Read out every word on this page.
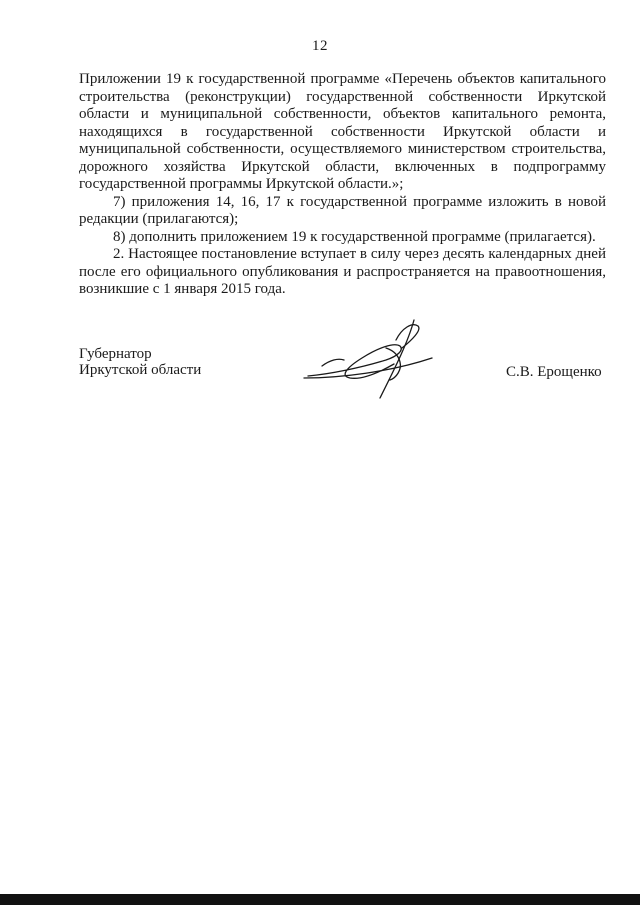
12

Приложении 19 к государственной программе «Перечень объектов капитального строительства (реконструкции) государственной собственности Иркутской области и муниципальной собственности, объектов капитального ремонта, находящихся в государственной собственности Иркутской области и муниципальной собственности, осуществляемого министерством строительства, дорожного хозяйства Иркутской области, включенных в подпрограмму государственной программы Иркутской области.»;

7) приложения 14, 16, 17 к государственной программе изложить в новой редакции (прилагаются);

8) дополнить приложением 19 к государственной программе (прилагается).

2. Настоящее постановление вступает в силу через десять календарных дней после его официального опубликования и распространяется на правоотношения, возникшие с 1 января 2015 года.

Губернатор
Иркутской области	С.В. Ерощенко
